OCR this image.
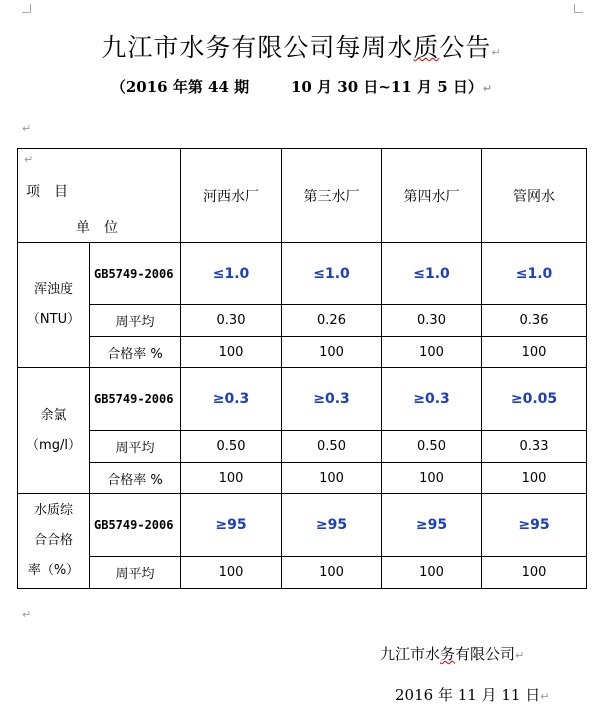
九江市水务有限公司每周水质公告↵
（2016 年第 44 期	10 月 30 日~11 月 5 日）↵
↵
↵
项　目
单　位		河西水厂	第三水厂	第四水厂	管网水

浑浊度
（NTU）	GB5749-2006	≤1.0	≤1.0	≤1.0	≤1.0
	周平均	0.30	0.26	0.30	0.36
	合格率 %	100	100	100	100

余氯
（mg/l）	GB5749-2006	≥0.3	≥0.3	≥0.3	≥0.05
	周平均	0.50	0.50	0.50	0.33
	合格率 %	100	100	100	100

水质综
合合格
率（%）	GB5749-2006	≥95	≥95	≥95	≥95
	周平均	100	100	100	100
↵
九江市水务有限公司↵
2016 年 11 月 11 日↵
